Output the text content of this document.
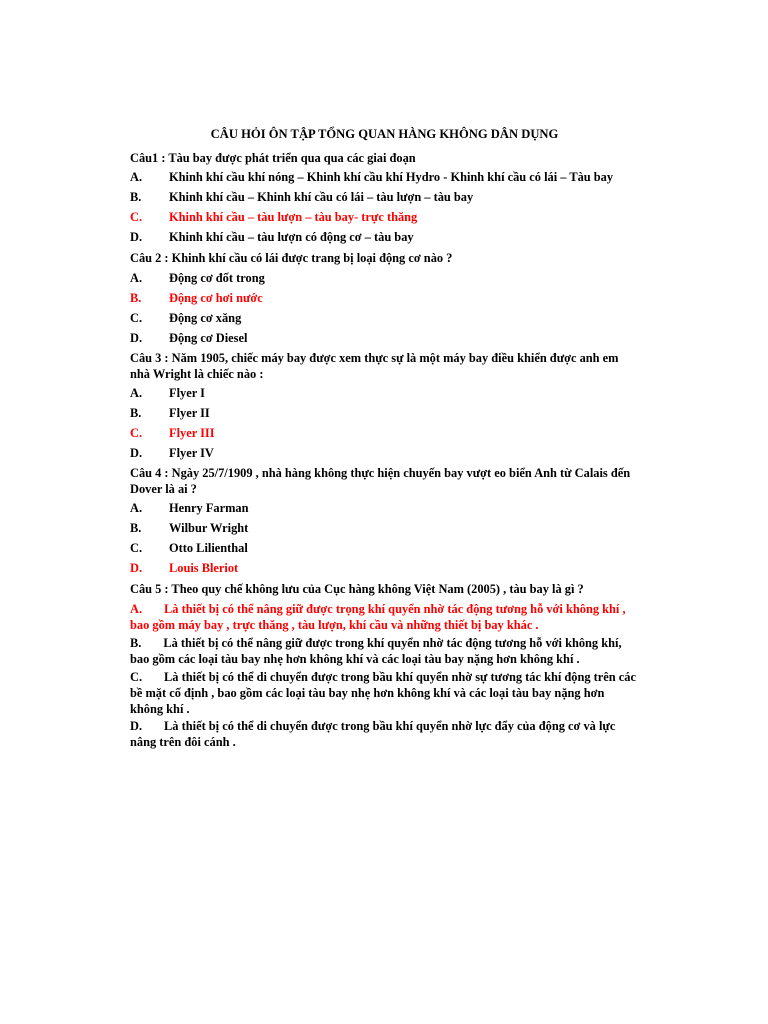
CÂU HỎI ÔN TẬP TỔNG QUAN HÀNG KHÔNG DÂN DỤNG
Câu1 : Tàu bay được phát triển qua qua các giai đoạn
A. Khinh khí cầu khí nóng – Khinh khí cầu khí Hydro - Khinh khí cầu có lái – Tàu bay
B. Khinh khí cầu – Khinh khí cầu có lái – tàu lượn – tàu bay
C. Khinh khí cầu – tàu lượn – tàu bay- trực thăng
D. Khinh khí cầu – tàu lượn có động cơ – tàu bay
Câu 2 : Khinh khí cầu có lái được trang bị loại động cơ nào ?
A. Động cơ đốt trong
B. Động cơ hơi nước
C. Động cơ xăng
D. Động cơ Diesel
Câu 3 : Năm 1905, chiếc máy bay được xem thực sự là một máy bay điều khiển được anh em nhà Wright là chiếc nào :
A. Flyer I
B. Flyer II
C. Flyer III
D. Flyer IV
Câu 4 : Ngày 25/7/1909 , nhà hàng không thực hiện chuyến bay vượt eo biển Anh từ Calais đến Dover là ai ?
A. Henry Farman
B. Wilbur Wright
C. Otto Lilienthal
D. Louis Bleriot
Câu 5 : Theo quy chế không lưu của Cục hàng không Việt Nam (2005) , tàu bay là gì ?
A. Là thiết bị có thể nâng giữ được trọng khí quyển nhờ tác động tương hỗ với không khí , bao gồm máy bay , trực thăng , tàu lượn, khí cầu và những thiết bị bay khác .
B. Là thiết bị có thể nâng giữ được trong khí quyển nhờ tác động tương hỗ với không khí, bao gồm các loại tàu bay nhẹ hơn không khí và các loại tàu bay nặng hơn không khí .
C. Là thiết bị có thể di chuyển được trong bầu khí quyển nhờ sự tương tác khí động trên các bề mặt cố định , bao gồm các loại tàu bay nhẹ hơn không khí và các loại tàu bay nặng hơn không khí .
D. Là thiết bị có thể di chuyển được trong bầu khí quyển nhờ lực đẩy của động cơ và lực nâng trên đôi cánh .
